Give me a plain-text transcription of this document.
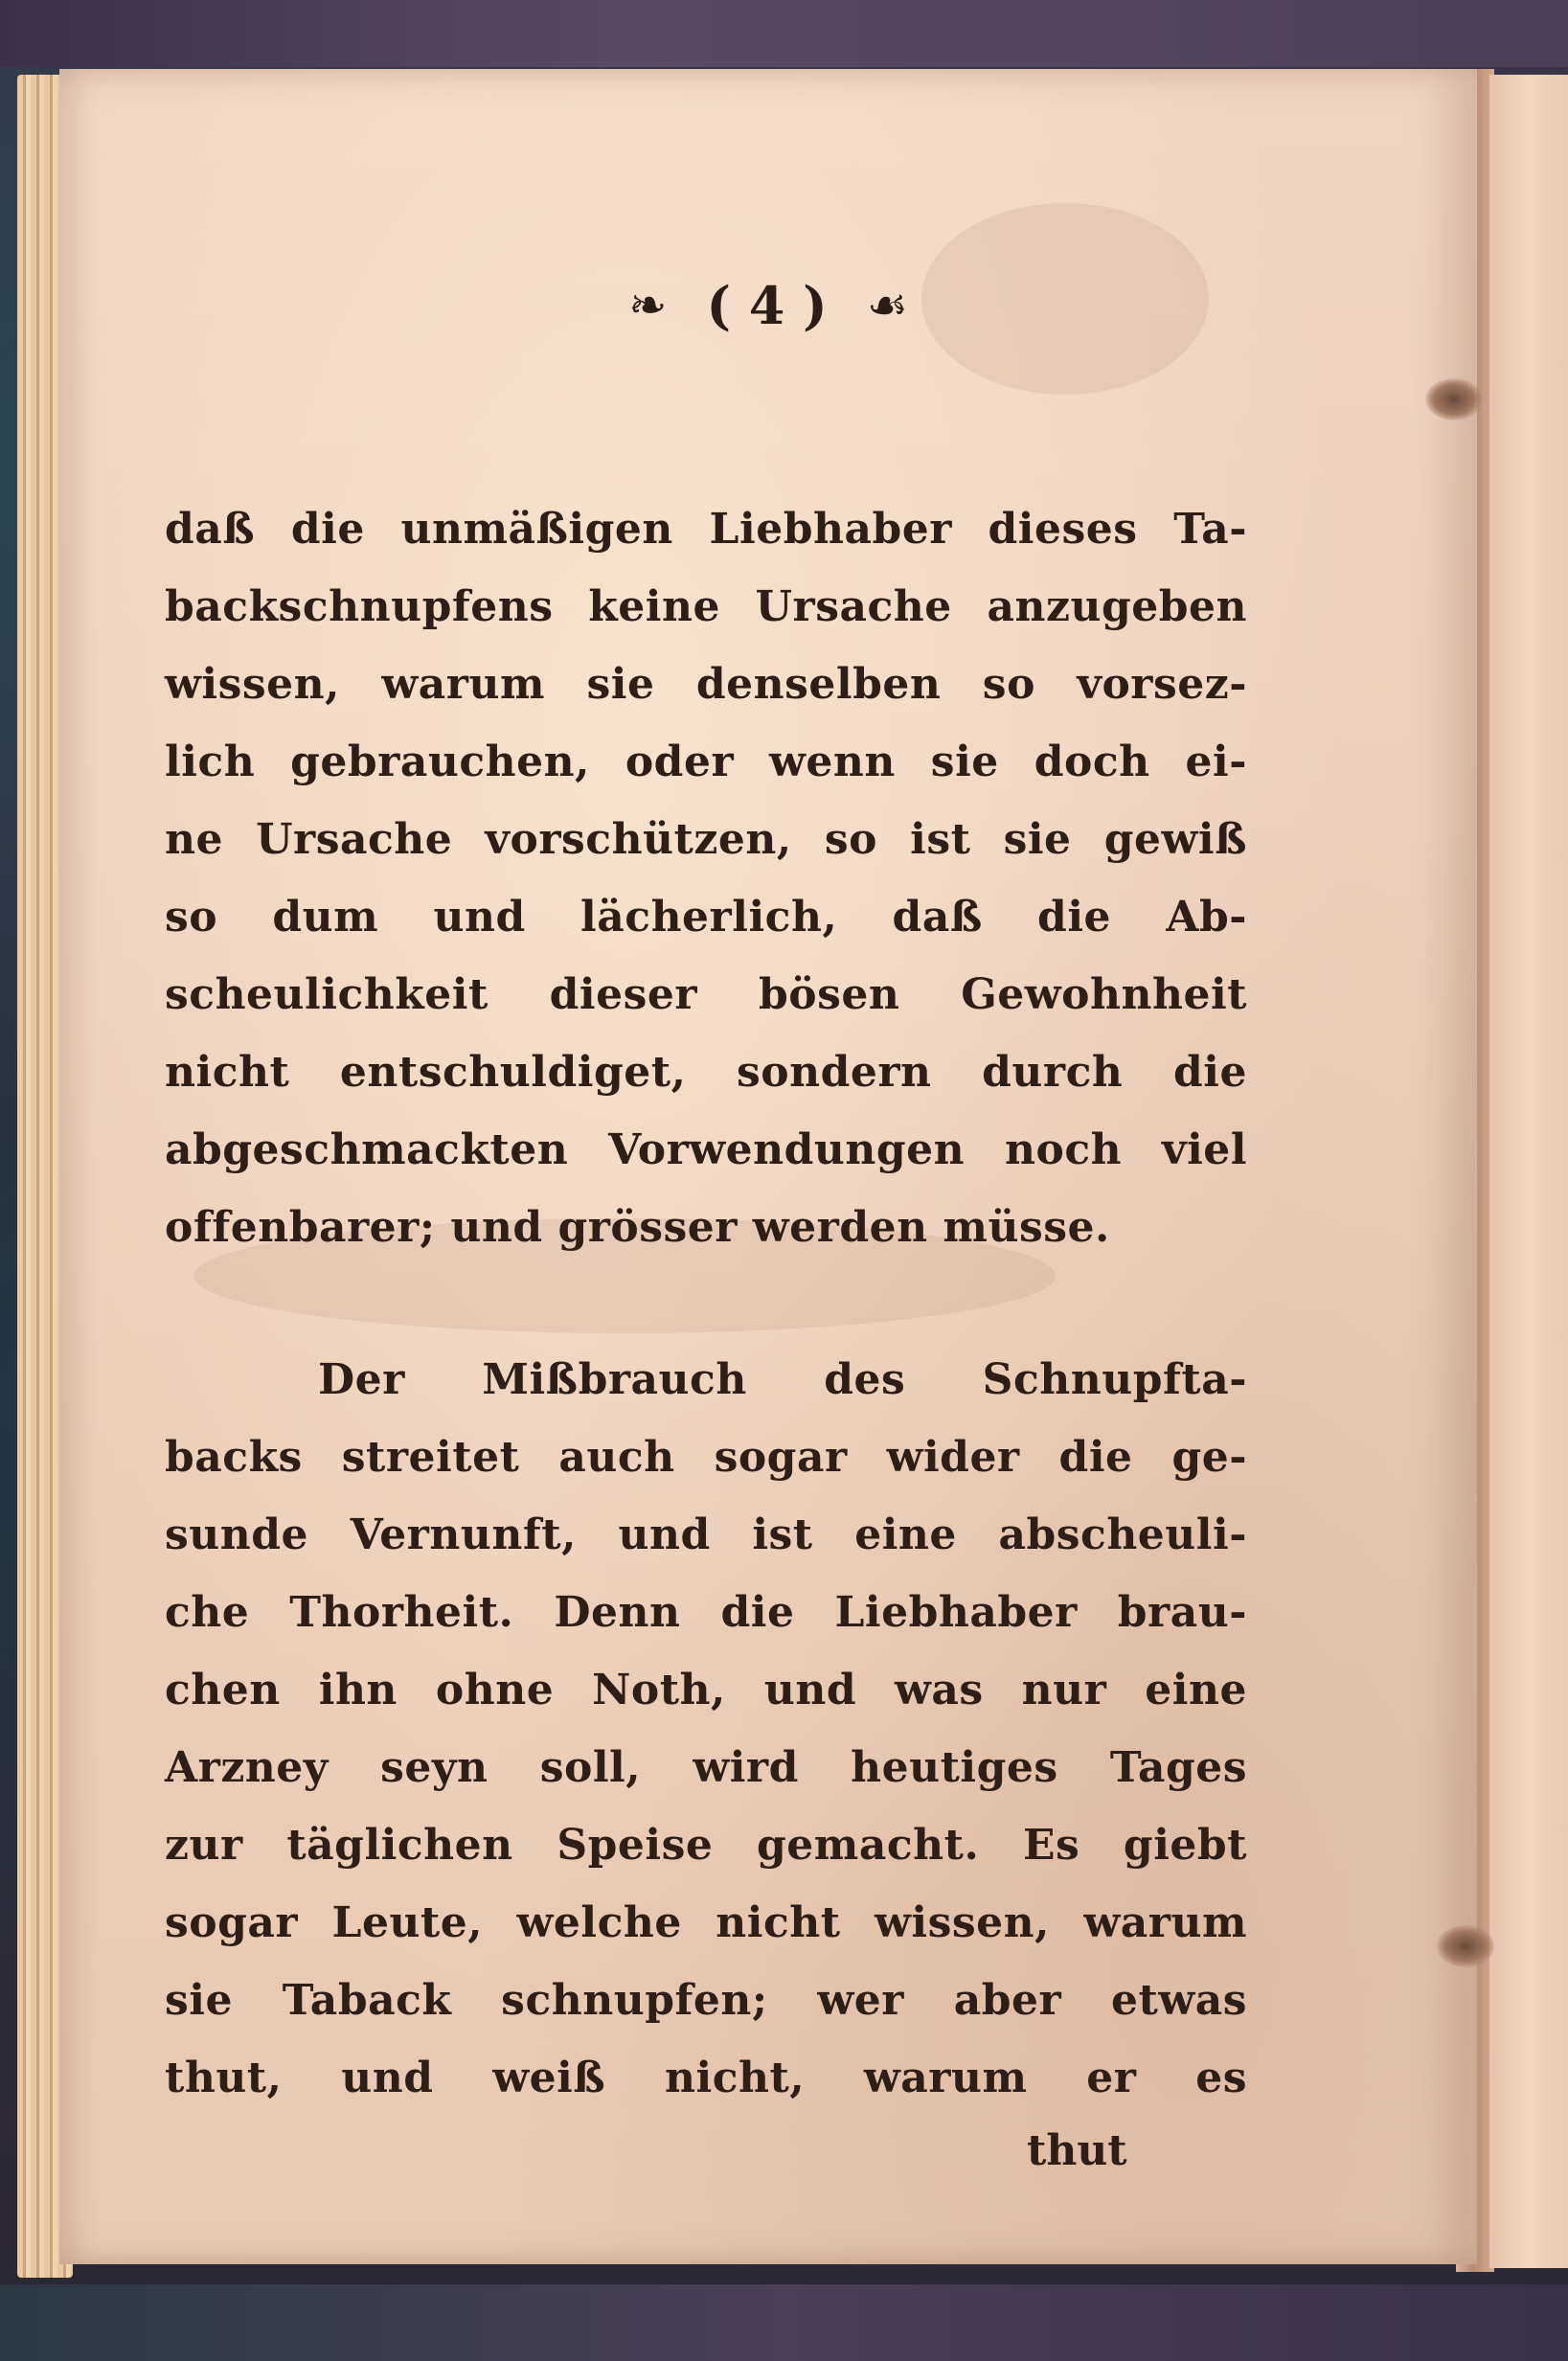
❧ ( 4 ) ☙
daß die unmäßigen Liebhaber dieses Ta-
backschnupfens keine Ursache anzugeben
wissen, warum sie denselben so vorsez-
lich gebrauchen, oder wenn sie doch ei-
ne Ursache vorschützen, so ist sie gewiß
so dum und lächerlich, daß die Ab-
scheulichkeit dieser bösen Gewohnheit
nicht entschuldiget, sondern durch die
abgeschmackten Vorwendungen noch viel
offenbarer; und grösser werden müsse.
Der Mißbrauch des Schnupfta-
backs streitet auch sogar wider die ge-
sunde Vernunft, und ist eine abscheuli-
che Thorheit. Denn die Liebhaber brau-
chen ihn ohne Noth, und was nur eine
Arzney seyn soll, wird heutiges Tages
zur täglichen Speise gemacht. Es giebt
sogar Leute, welche nicht wissen, warum
sie Taback schnupfen; wer aber etwas
thut, und weiß nicht, warum er es
thut
